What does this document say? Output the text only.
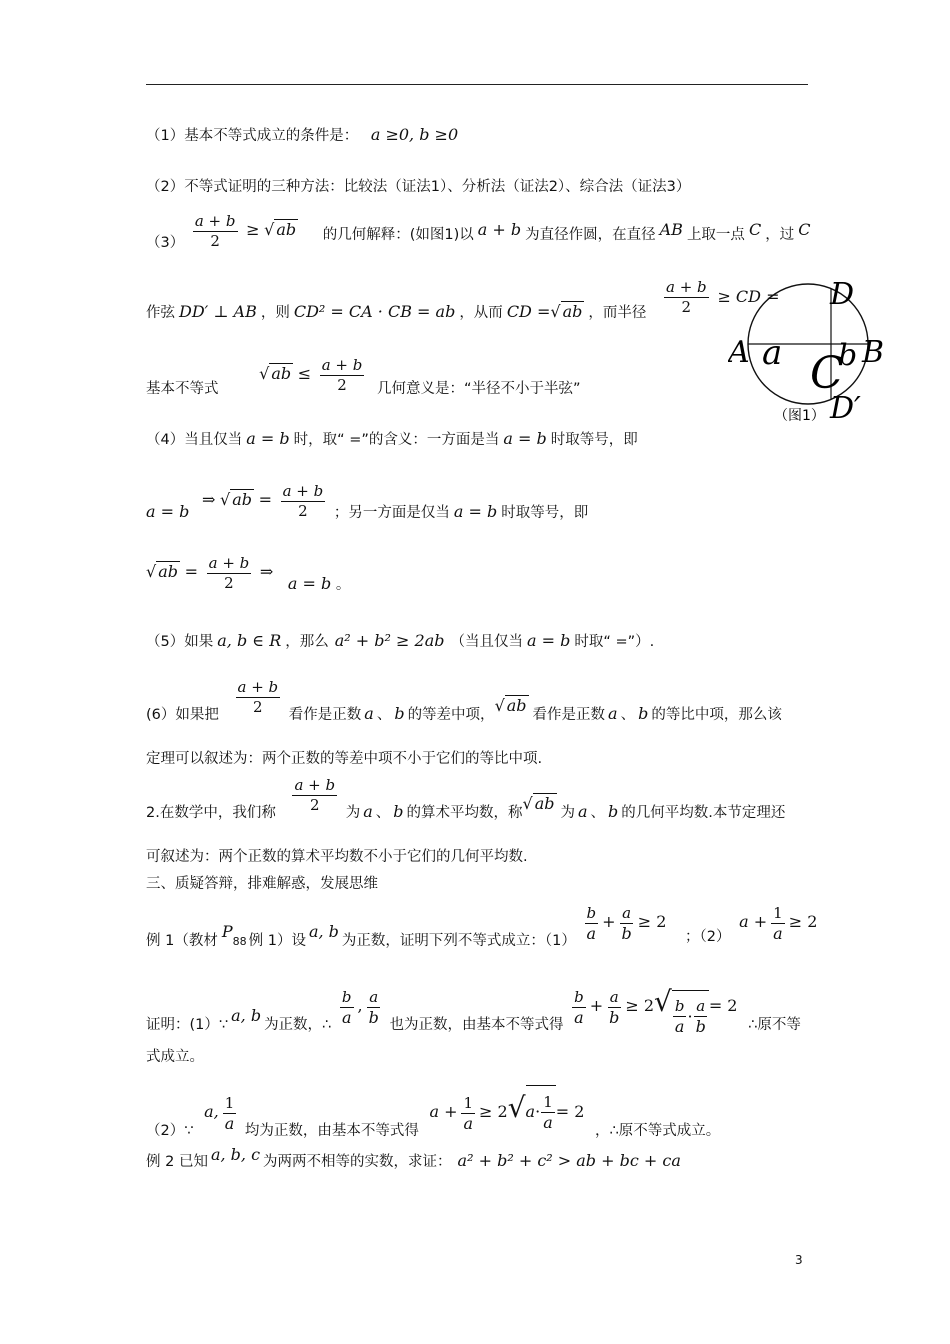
（1）基本不等式成立的条件是： a ≥0, b ≥0
（2）不等式证明的三种方法：比较法（证法1）、分析法（证法2）、综合法（证法3）
$(3) \frac{a + b}{2}$ ≥ √ ab 的几何解释：(如图1)以 a + b 为直径作圆，在直径 AB 上取一点 C ，过 C
作弦 DD′ ⊥ AB ，则 CD² = CA · CB = ab ，从而 CD =√ ab ，而半径 $\frac{a + b}{2}$ ≥ CD = D
A a C
b B
（图1） D′
基本不等式 √ ab ≤ $\frac{a + b}{2}$ 几何意义是：“半径不小于半弦”
（4）当且仅当 a = b 时，取“ =”的含义：一方面是当 a = b 时取等号，即
a = b ⇒ √ ab = $\frac{a + b}{2}$ ；另一方面是仅当 a = b 时取等号，即
√ ab = $\frac{a + b}{2}$ ⇒ a = b 。
（5）如果 a, b ∈ R ，那么 a² + b² ≥ 2ab （当且仅当 a = b 时取“ =”）.
(6）如果把 $\frac{a + b}{2}$ 看作是正数 a 、 b 的等差中项，√ ab 看作是正数 a 、 b 的等比中项，那么该
定理可以叙述为：两个正数的等差中项不小于它们的等比中项.
2.在数学中，我们称 $\frac{a + b}{2}$ 为 a 、 b 的算术平均数，称√ ab 为 a 、 b 的几何平均数.本节定理还
可叙述为：两个正数的算术平均数不小于它们的几何平均数.
三、质疑答辩，排难解惑，发展思维
例 1（教材 P88 例 1）设 a, b 为正数，证明下列不等式成立：$(1) \frac{b}{a} + \frac{a}{b} \ge 2$ ；（2） $a + \frac{1}{a} \ge 2$
证明：(1）∵ a, b 为正数，∴ $\frac{b}{a}$ , $\frac{a}{b}$ 也为正数，由基本不等式得 $\frac{b}{a} + \frac{a}{b} \ge 2√ \frac{b}{a} \cdot \frac{a}{b} = 2$ ∴原不等
式成立。
（2）∵ a, $\frac{1}{a}$ 均为正数，由基本不等式得 $a + \frac{1}{a} \ge 2√$ $a \cdot \frac{1}{a} = 2$ ，∴原不等式成立。
例 2 已知 a, b, c 为两两不相等的实数，求证： a² + b² + c² > ab + bc + ca
3
